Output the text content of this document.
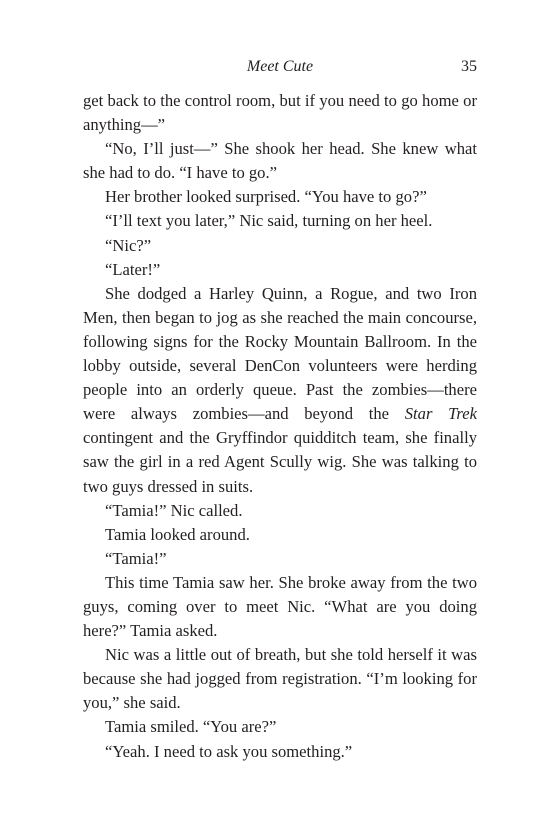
Meet Cute	35

get back to the control room, but if you need to go home or anything—”

“No, I’ll just—” She shook her head. She knew what she had to do. “I have to go.”

Her brother looked surprised. “You have to go?”

“I’ll text you later,” Nic said, turning on her heel.

“Nic?”

“Later!”

She dodged a Harley Quinn, a Rogue, and two Iron Men, then began to jog as she reached the main concourse, following signs for the Rocky Mountain Ballroom. In the lobby outside, several DenCon volunteers were herding people into an orderly queue. Past the zombies—there were always zombies—and beyond the Star Trek contingent and the Gryffindor quidditch team, she finally saw the girl in a red Agent Scully wig. She was talking to two guys dressed in suits.

“Tamia!” Nic called.

Tamia looked around.

“Tamia!”

This time Tamia saw her. She broke away from the two guys, coming over to meet Nic. “What are you doing here?” Tamia asked.

Nic was a little out of breath, but she told herself it was because she had jogged from registration. “I’m looking for you,” she said.

Tamia smiled. “You are?”

“Yeah. I need to ask you something.”
